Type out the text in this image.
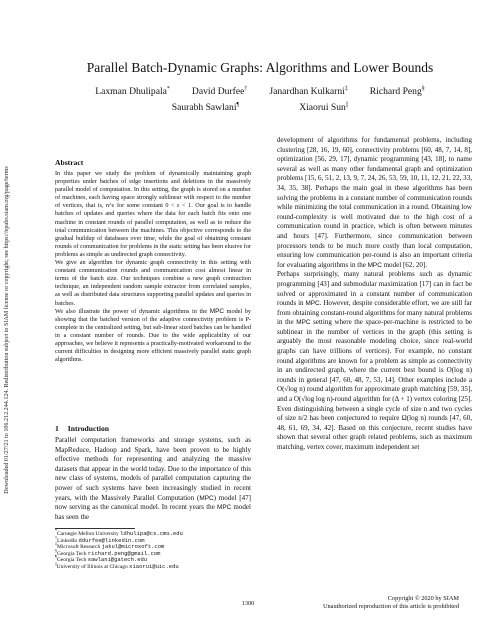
Downloaded 01/27/21 to 106.212.244.124. Redistribution subject to SIAM license or copyright; see https://epubs.siam.org/page/terms
Parallel Batch-Dynamic Graphs: Algorithms and Lower Bounds
Laxman Dhulipala* David Durfee† Janardhan Kulkarni‡ Richard Peng§
Saurabh Sawlani¶	Xiaorui Sun||
Abstract

In this paper we study the problem of dynamically maintaining graph properties under batches of edge insertions and deletions in the massively parallel model of computation. In this setting, the graph is stored on a number of machines, each having space strongly sublinear with respect to the number of vertices, that is, n^ε for some constant 0 < ε < 1. Our goal is to handle batches of updates and queries where the data for each batch fits onto one machine in constant rounds of parallel computation, as well as to reduce the total communication between the machines. This objective corresponds to the gradual buildup of databases over time, while the goal of obtaining constant rounds of communication for problems in the static setting has been elusive for problems as simple as undirected graph connectivity.

We give an algorithm for dynamic graph connectivity in this setting with constant communication rounds and communication cost almost linear in terms of the batch size. Our techniques combine a new graph contraction technique, an independent random sample extractor from correlated samples, as well as distributed data structures supporting parallel updates and queries in batches.

We also illustrate the power of dynamic algorithms in the MPC model by showing that the batched version of the adaptive connectivity problem is P-complete in the centralized setting, but sub-linear sized batches can be handled in a constant number of rounds. Due to the wide applicability of our approaches, we believe it represents a practically-motivated workaround to the current difficulties in designing more efficient massively parallel static graph algorithms.

1 Introduction

Parallel computation frameworks and storage systems, such as MapReduce, Hadoop and Spark, have been proven to be highly effective methods for representing and analyzing the massive datasets that appear in the world today. Due to the importance of this new class of systems, models of parallel computation capturing the power of such systems have been increasingly studied in recent years, with the Massively Parallel Computation (MPC) model [47] now serving as the canonical model. In recent years the MPC model has seen the

*Carnegie Mellon University ldhulipa@cs.cmu.edu
†LinkedIn ddurfee@linkedin.com
‡Microsoft Research jakul@microsoft.com
§Georgia Tech richard.peng@gmail.com
¶Georgia Tech sawlani@gatech.edu
||University of Illinois at Chicago xiaorui@uic.edu

development of algorithms for fundamental problems, including clustering [28, 16, 19, 60], connectivity problems [60, 48, 7, 14, 8], optimization [56, 29, 17], dynamic programming [43, 18], to name several as well as many other fundamental graph and optimization problems [15, 6, 51, 2, 13, 9, 7, 24, 26, 53, 59, 10, 11, 12, 21, 22, 33, 34, 35, 38]. Perhaps the main goal in these algorithms has been solving the problems in a constant number of communication rounds while minimizing the total communication in a round. Obtaining low round-complexity is well motivated due to the high cost of a communication round in practice, which is often between minutes and hours [47]. Furthermore, since communication between processors tends to be much more costly than local computation, ensuring low communication per-round is also an important criteria for evaluating algorithms in the MPC model [62, 20].

Perhaps surprisingly, many natural problems such as dynamic programming [43] and submodular maximization [17] can in fact be solved or approximated in a constant number of communication rounds in MPC. However, despite considerable effort, we are still far from obtaining constant-round algorithms for many natural problems in the MPC setting where the space-per-machine is restricted to be sublinear in the number of vertices in the graph (this setting is arguably the most reasonable modeling choice, since real-world graphs can have trillions of vertices). For example, no constant round algorithms are known for a problem as simple as connectivity in an undirected graph, where the current best bound is O(log n) rounds in general [47, 60, 48, 7, 53, 14]. Other examples include a O(√log n) round algorithm for approximate graph matching [59, 35], and a O(√log log n)-round algorithm for (Δ + 1) vertex coloring [25]. Even distinguishing between a single cycle of size n and two cycles of size n/2 has been conjectured to require Ω(log n) rounds [47, 60, 48, 61, 69, 34, 42]. Based on this conjecture, recent studies have shown that several other graph related problems, such as maximum matching, vertex cover, maximum independent set

1300
Copyright © 2020 by SIAM
Unauthorized reproduction of this article is prohibited
